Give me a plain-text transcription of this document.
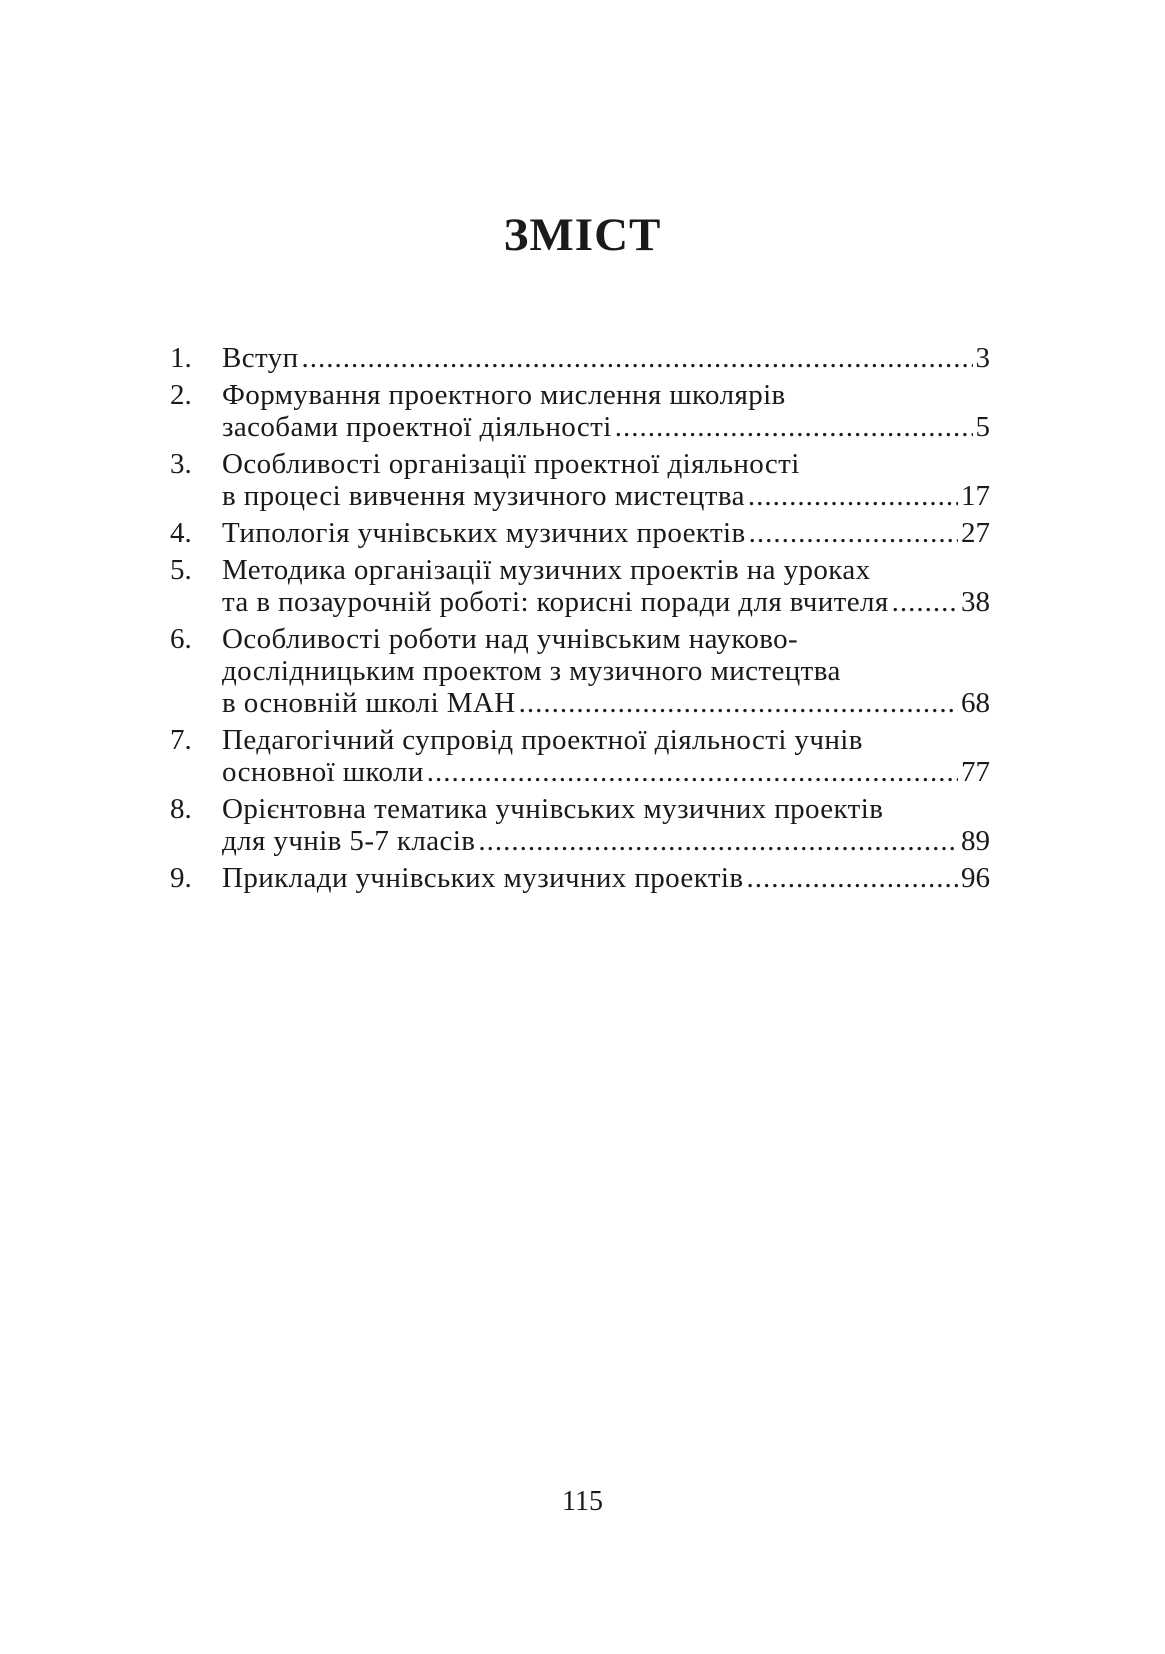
ЗМІСТ
1.	Вступ .....	3
2.	Формування проектного мислення школярів
засобами проектної діяльності .....	5
3.	Особливості організації проектної діяльності
в процесі вивчення музичного мистецтва .....	17
4.	Типологія учнівських музичних проектів .....	27
5.	Методика організації музичних проектів на уроках
та в позаурочній роботі: корисні поради для вчителя ..... 38
6.	Особливості роботи над учнівським науково-
дослідницьким проектом з музичного мистецтва
в основній школі МАН .....	68
7.	Педагогічний супровід проектної діяльності учнів
основної школи .....	77
8.	Орієнтовна тематика учнівських музичних проектів
для учнів 5-7 класів .....	89
9.	Приклади учнівських музичних проектів .....	96
115
